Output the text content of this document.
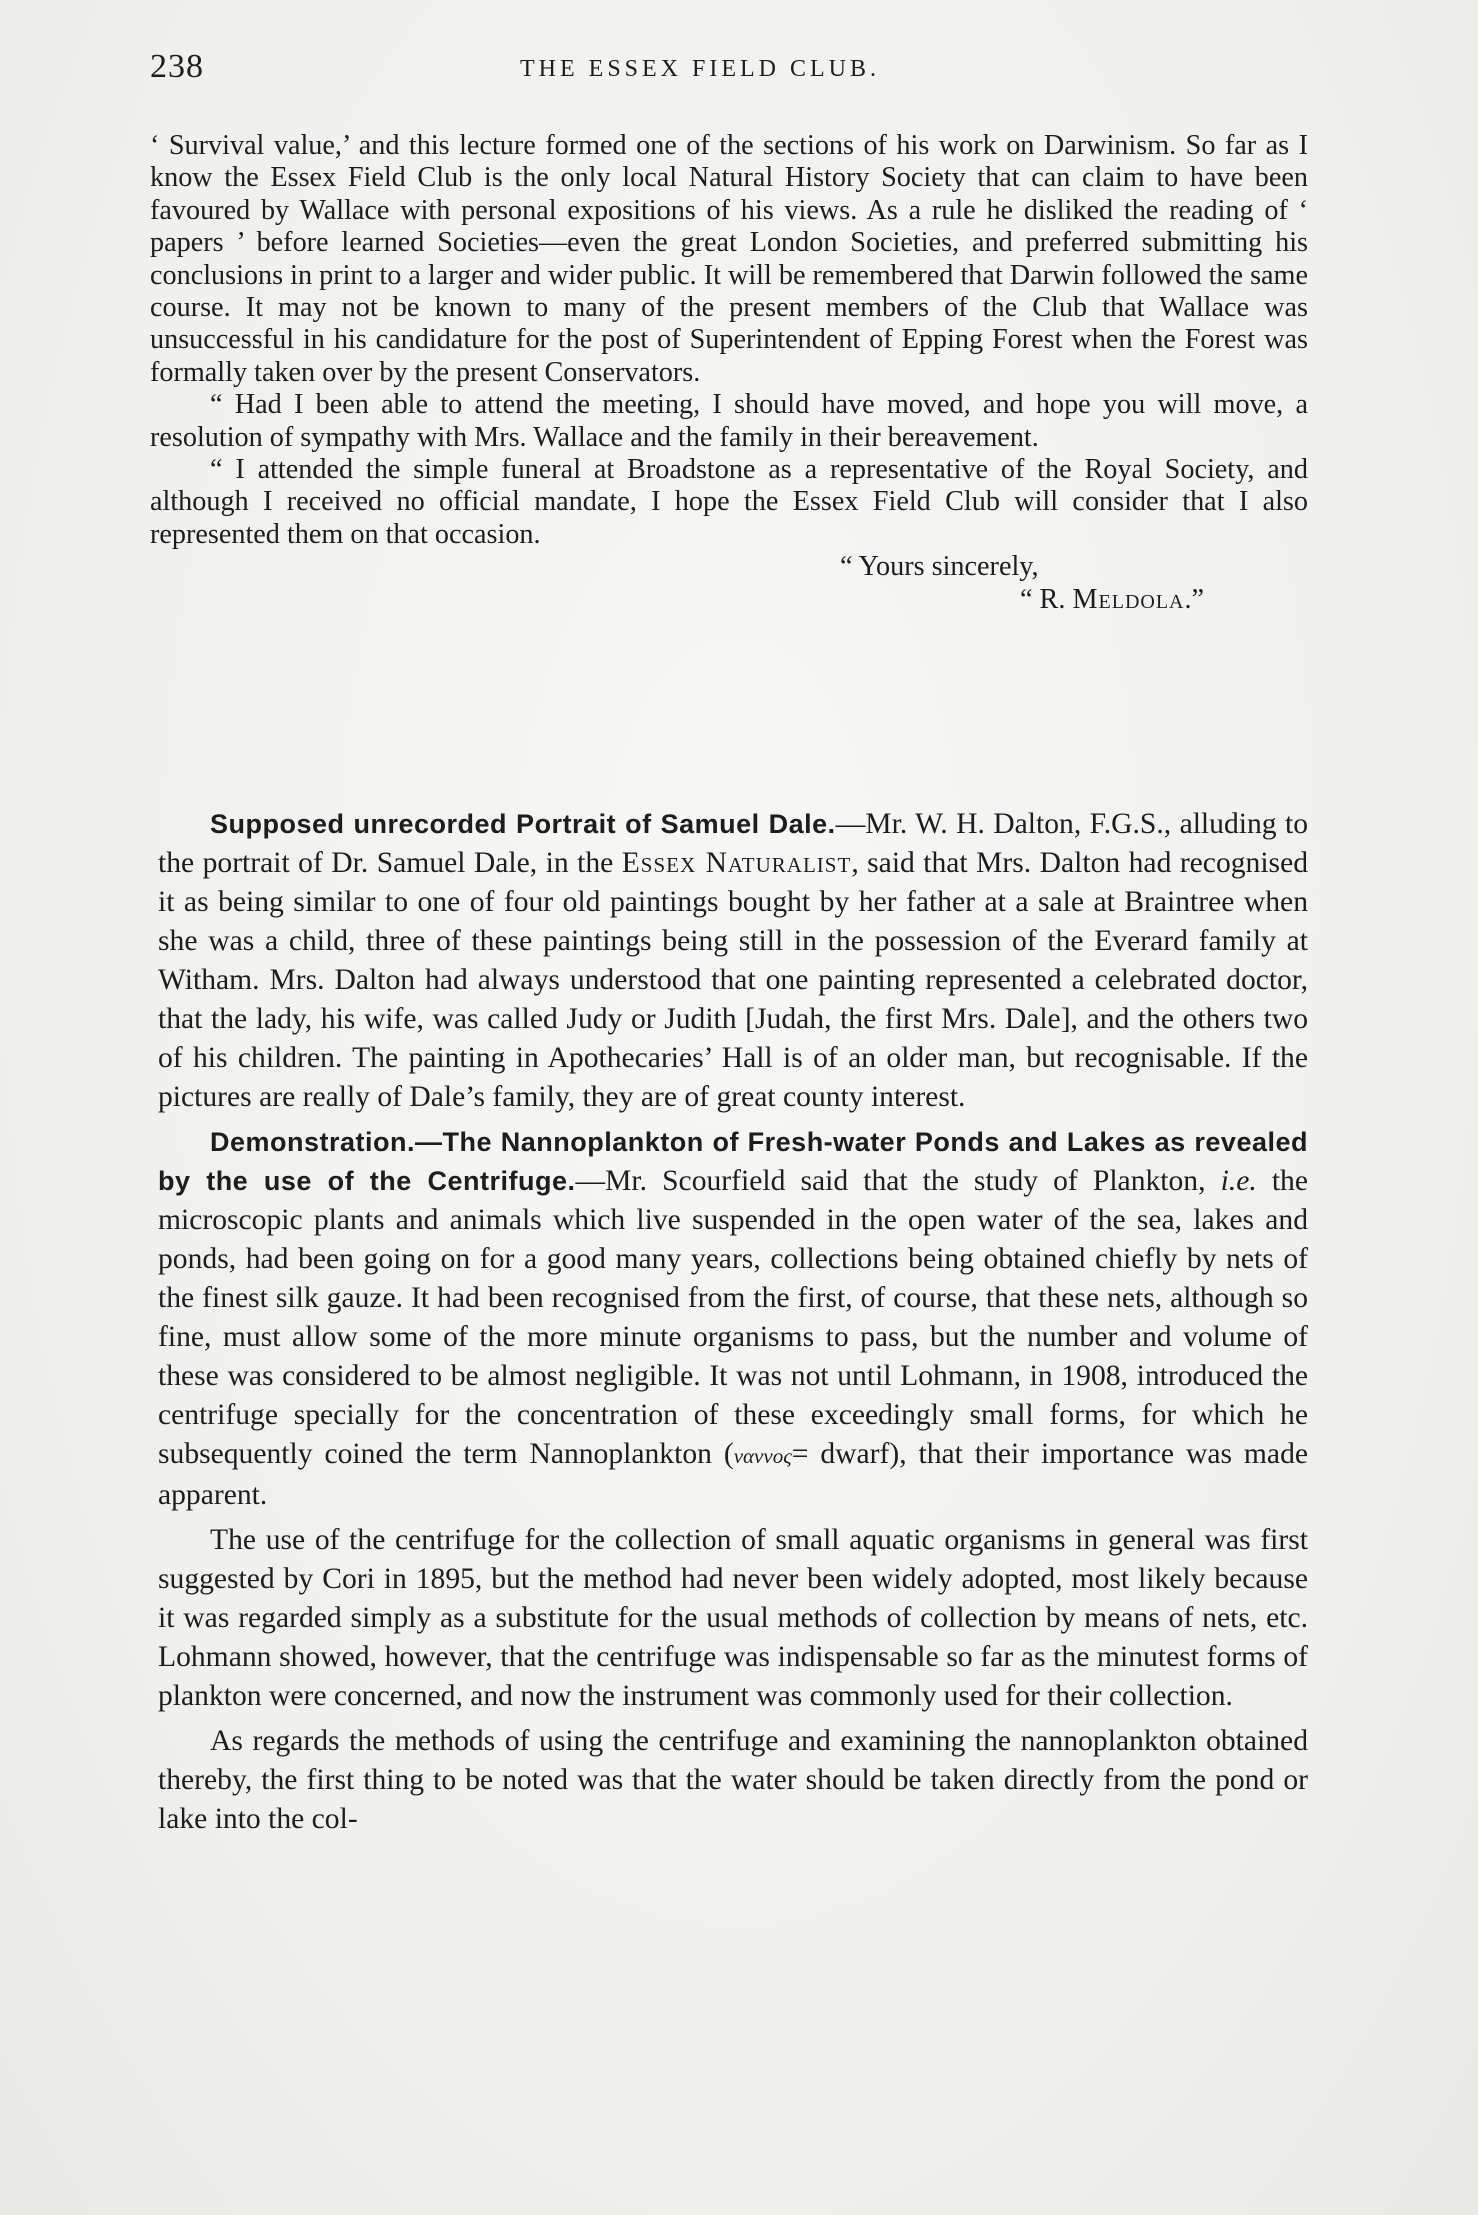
238	THE ESSEX FIELD CLUB.

‘ Survival value,’ and this lecture formed one of the sections of his work on Darwinism. So far as I know the Essex Field Club is the only local Natural History Society that can claim to have been favoured by Wallace with personal expositions of his views. As a rule he disliked the reading of ‘ papers ’ before learned Societies—even the great London Societies, and preferred submitting his conclusions in print to a larger and wider public. It will be remembered that Darwin followed the same course. It may not be known to many of the present members of the Club that Wallace was unsuccessful in his candidature for the post of Superintendent of Epping Forest when the Forest was formally taken over by the present Conservators.

“ Had I been able to attend the meeting, I should have moved, and hope you will move, a resolution of sympathy with Mrs. Wallace and the family in their bereavement.

“ I attended the simple funeral at Broadstone as a representative of the Royal Society, and although I received no official mandate, I hope the Essex Field Club will consider that I also represented them on that occasion.

“ Yours sincerely,

“ R. Meldola.”

Supposed unrecorded Portrait of Samuel Dale.—Mr. W. H. Dalton, F.G.S., alluding to the portrait of Dr. Samuel Dale, in the Essex Naturalist, said that Mrs. Dalton had recognised it as being similar to one of four old paintings bought by her father at a sale at Braintree when she was a child, three of these paintings being still in the possession of the Everard family at Witham. Mrs. Dalton had always understood that one painting represented a celebrated doctor, that the lady, his wife, was called Judy or Judith [Judah, the first Mrs. Dale], and the others two of his children. The painting in Apothecaries’ Hall is of an older man, but recognisable. If the pictures are really of Dale’s family, they are of great county interest.

Demonstration.—The Nannoplankton of Fresh-water Ponds and Lakes as revealed by the use of the Centrifuge.—Mr. Scourfield said that the study of Plankton, i.e. the microscopic plants and animals which live suspended in the open water of the sea, lakes and ponds, had been going on for a good many years, collections being obtained chiefly by nets of the finest silk gauze. It had been recognised from the first, of course, that these nets, although so fine, must allow some of the more minute organisms to pass, but the number and volume of these was considered to be almost negligible. It was not until Lohmann, in 1908, introduced the centrifuge specially for the concentration of these exceedingly small forms, for which he subsequently coined the term Nannoplankton (ναννος= dwarf), that their importance was made apparent.

The use of the centrifuge for the collection of small aquatic organisms in general was first suggested by Cori in 1895, but the method had never been widely adopted, most likely because it was regarded simply as a substitute for the usual methods of collection by means of nets, etc. Lohmann showed, however, that the centrifuge was indispensable so far as the minutest forms of plankton were concerned, and now the instrument was commonly used for their collection.

As regards the methods of using the centrifuge and examining the nannoplankton obtained thereby, the first thing to be noted was that the water should be taken directly from the pond or lake into the col-
